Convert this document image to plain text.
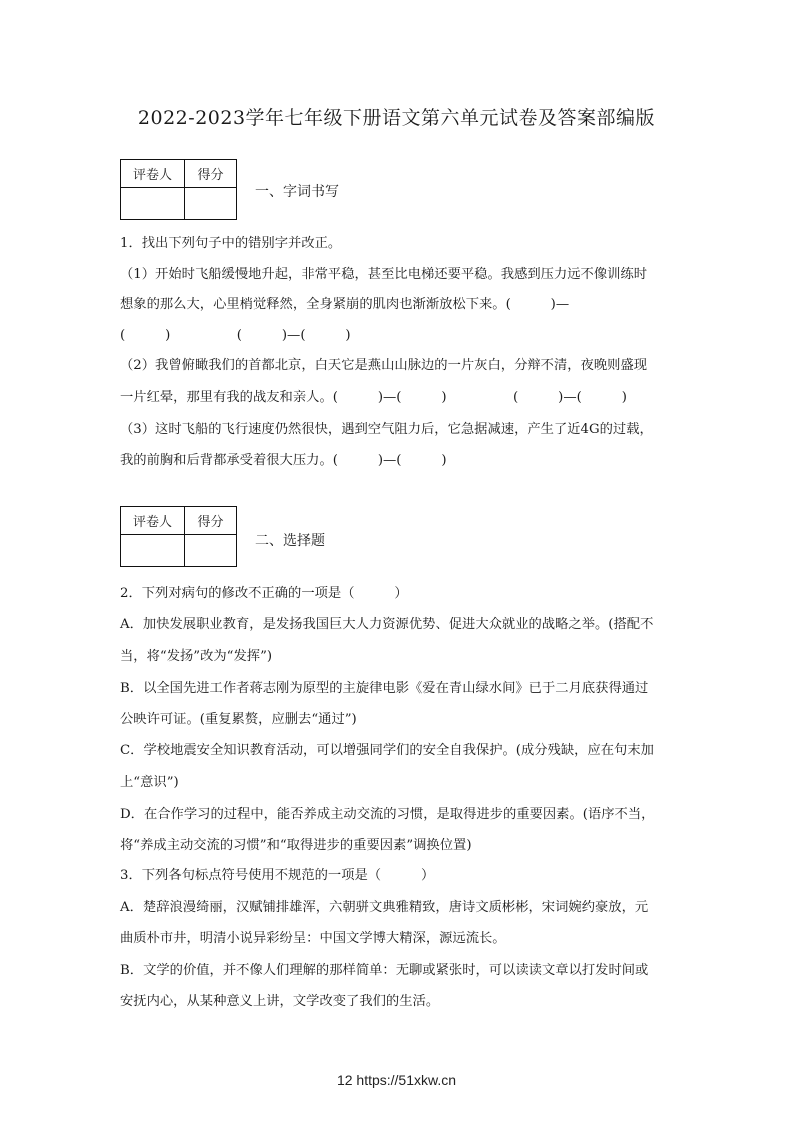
2022-2023学年七年级下册语文第六单元试卷及答案部编版
评卷人	得分

一、字词书写
1．找出下列句子中的错别字并改正。
（1）开始时飞船缓慢地升起，非常平稳，甚至比电梯还要平稳。我感到压力远不像训练时
想象的那么大，心里梢觉释然，全身紧崩的肌肉也渐渐放松下来。(　　　)—
(　　　)　　　　　(　　　)—(　　　)
（2）我曾俯瞰我们的首都北京，白天它是燕山山脉边的一片灰白，分辩不清，夜晚则盛现
一片红晕，那里有我的战友和亲人。(　　　)—(　　　)　　　　　(　　　)—(　　　)
（3）这时飞船的飞行速度仍然很快，遇到空气阻力后，它急据减速，产生了近4G的过载，
我的前胸和后背都承受着很大压力。(　　　)—(　　　)
评卷人	得分

二、选择题
2．下列对病句的修改不正确的一项是（　　　）
A．加快发展职业教育，是发扬我国巨大人力资源优势、促进大众就业的战略之举。(搭配不
当，将“发扬”改为“发挥”)
B．以全国先进工作者蒋志刚为原型的主旋律电影《爱在青山绿水间》已于二月底获得通过
公映许可证。(重复累赘，应删去“通过”)
C．学校地震安全知识教育活动，可以增强同学们的安全自我保护。(成分残缺，应在句末加
上“意识”)
D．在合作学习的过程中，能否养成主动交流的习惯，是取得进步的重要因素。(语序不当，
将“养成主动交流的习惯”和“取得进步的重要因素”调换位置)
3．下列各句标点符号使用不规范的一项是（　　　）
A．楚辞浪漫绮丽，汉赋铺排雄浑，六朝骈文典雅精致，唐诗文质彬彬，宋词婉约豪放，元
曲质朴市井，明清小说异彩纷呈：中国文学博大精深，源远流长。
B．文学的价值，并不像人们理解的那样简单：无聊或紧张时，可以读读文章以打发时间或
安抚内心，从某种意义上讲，文学改变了我们的生活。
12 https://51xkw.cn
